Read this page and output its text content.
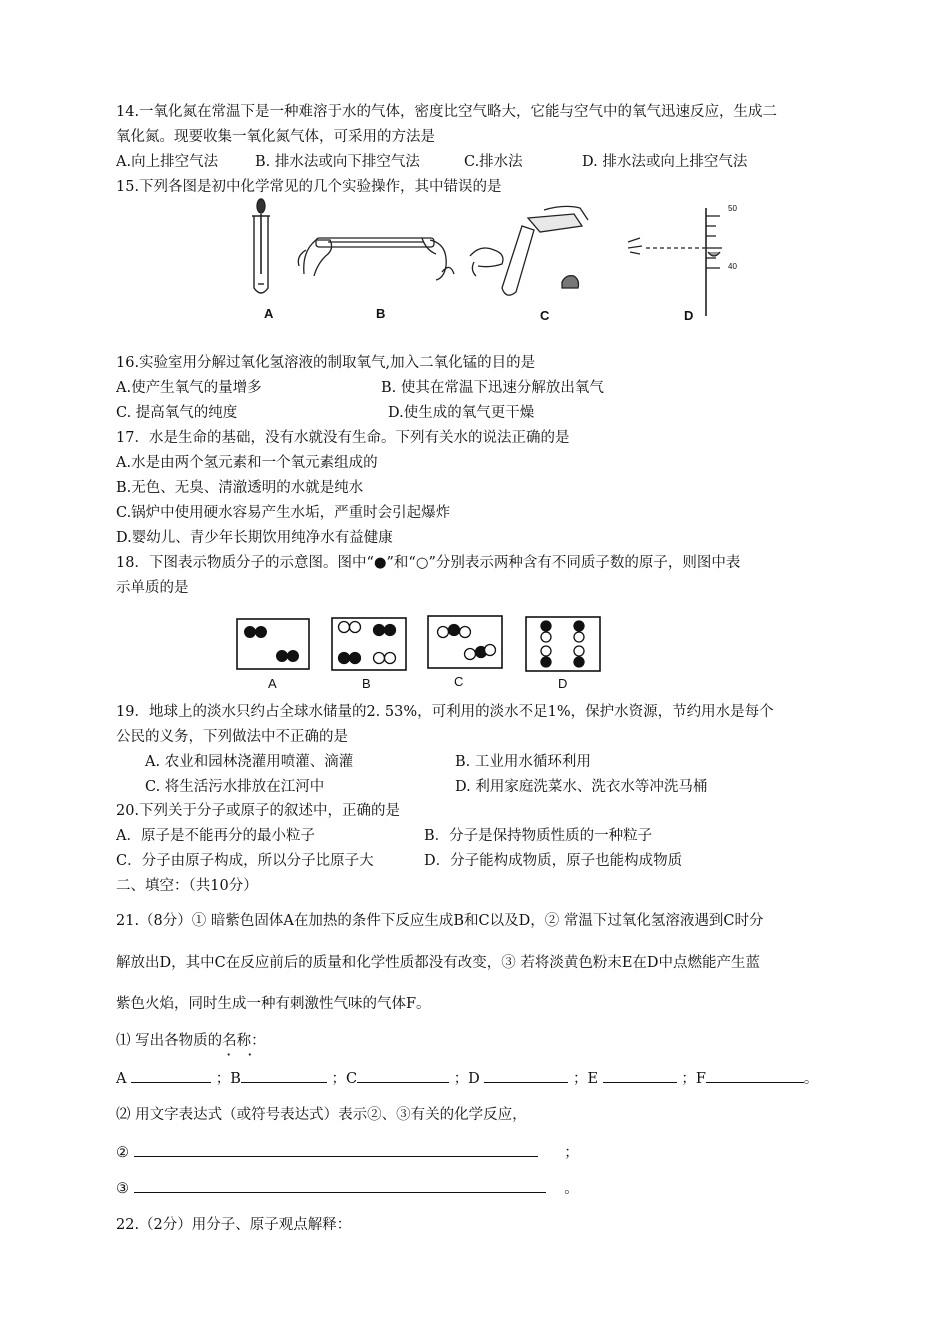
14.一氧化氮在常温下是一种难溶于水的气体，密度比空气略大，它能与空气中的氧气迅速反应，生成二
氧化氮。现要收集一氧化氮气体，可采用的方法是
A.向上排空气法	B. 排水法或向下排空气法	C.排水法	D. 排水法或向上排空气法
15.下列各图是初中化学常见的几个实验操作，其中错误的是
50
40
A	B	C	D
16.实验室用分解过氧化氢溶液的制取氧气,加入二氧化锰的目的是
A.使产生氧气的量增多	B. 使其在常温下迅速分解放出氧气
C. 提高氧气的纯度	D.使生成的氧气更干燥
17．水是生命的基础，没有水就没有生命。下列有关水的说法正确的是
A.水是由两个氢元素和一个氧元素组成的
B.无色、无臭、清澈透明的水就是纯水
C.锅炉中使用硬水容易产生水垢，严重时会引起爆炸
D.婴幼儿、青少年长期饮用纯净水有益健康
18．下图表示物质分子的示意图。图中“●”和“○”分别表示两种含有不同质子数的原子，则图中表
示单质的是
A	B	C	D
19．地球上的淡水只约占全球水储量的2. 53%，可利用的淡水不足1%，保护水资源，节约用水是每个
公民的义务，下列做法中不正确的是
A. 农业和园林浇灌用喷灌、滴灌	B. 工业用水循环利用
C. 将生活污水排放在江河中	D. 利用家庭洗菜水、洗衣水等冲洗马桶
20.下列关于分子或原子的叙述中，正确的是
A．原子是不能再分的最小粒子	B．分子是保持物质性质的一种粒子
C．分子由原子构成，所以分子比原子大	D．分子能构成物质，原子也能构成物质
二、填空：（共10分）
21.（8分）① 暗紫色固体A在加热的条件下反应生成B和C以及D，② 常温下过氧化氢溶液遇到C时分
解放出D，其中C在反应前后的质量和化学性质都没有改变，③ 若将淡黄色粉末E在D中点燃能产生蓝
紫色火焰，同时生成一种有刺激性气味的气体F。
⑴ 写出各物质的名称
· ·
：
A	；B	；C	；D	；E	；F	。
⑵ 用文字表达式（或符号表达式）表示②、③有关的化学反应，
②	；
③	。
22.（2分）用分子、原子观点解释：
